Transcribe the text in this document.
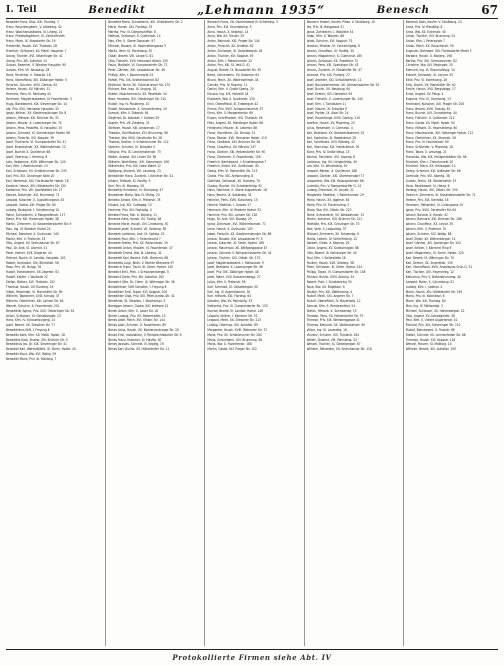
I. Teil	Benedikt	„Lehmann 1935“	Benesch	67
Benedikt Franz, Disp. XXI. Floridsg. 3
Franz, Rauchfangkehr., V. Arbeiterg. 42
Franz, Waschanstaltsbes. III. Linkeg. 14
Franz, Friedhofsgärtner, XI. Zentralfriedh.
Franz, Mech. IX. Nussdorfer Str. 19
Friederike, Haush. XVI. Thaliastr. 28
Friedrich, Schlosser, XII. Meidl. Hauptstr. 7
Georg, Tischler, XVI. Ottakringer Str. 41
Georg, Priv. XIII. Auhofstr. 12
Gustav, Beamter, V. Wiedner Hauptstr. 90
Gustav, Kfm. VII. Neubaug. 28
Hans, Techniker, II. Taborstr. 18
Hans, Oberoffizial, XIX. Döblinger Hptstr. 5
Heinrich, Schuhm. XVIII. Gentzg. 62
Helene, Haush. XV. Märzstr. 11
Hermine, Pens. III. Rennweg 44
Hermann, Magistratsbeamt. IV. Favoritenstr. 3
Hugo, Bankbeamt. XIX. Sieveringer Str. 14
Ida, Priv. XVII. Hernalser Hauptstr. 52
Ignaz, Kellner, XX. Klosterneuburger Str. 8
Johann, Hilfsarb. XXI. Brünner Str. 31
Johann, Maurer, X. Laxenburger Str. 74
Johann, Pens. Postoffiz. III. Hauptstr. 33
Johann, Schmied, XI. Simmeringer Hptstr. 96
Johann, Fleischh. XVI. Koppstr. 39
Josef, Tischlerm. VI. Gumpendorfer Str. 51
Josef, Eisenbahner, XX. Wallensteinstr. 12
Josef, Buchdr. X. Quellenstr. 66
Josef, Oberinsp. I. Herreng. 6
Julie, Hebamme, XVIII. Währinger Str. 120
Karl, Kfm. I. Rotenturmstr. 15
Karl, Schlosser, XII. Schönbrunner Str. 233
Karl, Priv. XIX. Grinzinger Allee 20
Karl, Werkmstr. XXI. Floridsdorfer Hptstr. 18
Karoline, Haush. XIV. Hütteldorfer Str. 150
Katharina, Priv. VIII. Josefstädter Str. 27
Konrad, Drechsler, XVI. Brunneng. 71
Leopold, Kutscher, II. Ausstellungsstr. 45
Leopold, Gastw. XXI. Prager Str. 60
Ludwig, Bankprok. I. Schottenring 10
Marie, Schneiderin, V. Margaretenstr. 117
Marie, Priv. XIII. Hietzinger Hptstr. 38
Martin, Zimmerm. XI. Kaiserebersdorfer Str. 9
Max, Ing. IV. Wiedner Gürtel 24
Michael, Bahnbed. X. Gudrunstr. 140
Moritz, Kfm. II. Praterstr. 33
Otto, Angest. XV. Sechshauser Str. 87
Paul, Dr. Arzt, IX. Alserstr. 41
Peter, Hafner, XVII. Jörgerstr. 44
Richard, Buchh. III. Landstr. Hauptstr. 101
Robert, Kontrollor, XIX. Billrothstr. 56
Rosa, Priv. VII. Burgg. 78
Rudolf, Elektrotechn. XX. Jägerstr. 61
Rudolf, Kaufm. I. Wollzeile 22
Stefan, Bäcker, XVI. Thaliastr. 102
Theresia, Haush. XII. Ruckerg. 19
Viktor, Reisender, VI. Mariahilfer Str. 89
Wilhelm, Tapezierer, XVIII. Kreuzg. 37
Wilhelm, Oberlehrer, XIII. Lainzer Str. 64
Wenzel, Schuhm. X. Favoritenstr. 201
Benedikter Agnes, Priv. XVII. Ottakringer Str. 92
Anton, Schlosser, XI. Geiselbergstr. 23
Hans, Kfm. IV. Schaumburgerg. 14
Josef, Beamt. XX. Dresdner Str. 77
Benediktiner-Stift, I. Freyung 6
Benedikt Alois, Kfm. XII. Meidl. Hptstr. 18
Benedikts Alois, Eisenb. XXI. Brünner Str. 3
Benediktus Jos. Dr. XIX. Sieveringer Str. 41
Benedikt Karl, Werkstättenl. XI. Simm. Hptstr. 40
Benedikt Klara, Ww. XVI. Wattg. 59
Benedikt Marie, Priv. XI. Molitorg. 7
Benedikt Maria, Schneiderin, XIII. Hütteldorfer Str. 2
Marie, Haush. XXI. Floridsg. 33
Martha, Priv. III. Dampfschiffstr. 8
Mathias, Schlosser, X. Quellenstr. 14
Max, Kfm. II. Obere Donaustr. 97
Michael, Bauarb. XI. Hasenleitengasse 3
Moritz, Vertr. IX. Porzellang. 52
Oskar, Beamt. VIII. Lange G. 61
Otto, Fleischh. XVII. Hernalser Hptstr. 150
Paula, Modistin, VI. Gumpendorfer Str. 72
Peter, Gärtner, XXI. Leopoldauer Str. 46
Philipp, Kfm. I. Bauernmarkt 24
Rafael, Priv. XIX. Krottenbachstr. 82
Reinhold, Techn. XII. Schönbrunner Str. 270
Richard, Bez.-Insp. III. Ungarg. 18
Robert, Maschinenschl. XX. Pasettistr. 44
Rosa, Hausbes. XVI. Ottakringer Str. 210
Rudolf, Ing. IV. Paulanerg. 10
Rudolf, Bahnbeamt. X. Sonnleithnerg. 29
Samuel, Kfm. II. Taborstr. 64
Siegfried, Dr. Advokat, I. Graben 29
Sophie, Priv. VII. Zieglerg. 31
Stefanie, Haush. XIII. Amalienstr. 17
Theodor, Schriftsetzer, XVI. Brunneng. 96
Therese, Ww. XVIII. Gersthofer Str. 28
Thomas, Kellner, V. Schönbrunner Str. 112
Valentin, Schuhm. XI. Enkplatz 4
Viktoria, Priv. IX. Liechtensteinstr. 73
Walter, Angest. XIV. Linzer Str. 38
Wilhelm, Werkführer, XXI. Siemensstr. 106
Wilhelmine, Priv. XIX. Hohe Warte 12
Wolfgang, Student, VIII. Laudong. 23
Benedikter Franz, Zuckerb. I. Kärntner Str. 41
Johann, Hilfsarb. XI. Hauffg. 9
Karl, Priv. III. Marxerg. 26
Benedikty Ernestine, VI. Stumperg. 47
Benedikter Maria, Ww. IV. Mühlg. 20
Benedix Arnold, Kfm. II. Praterstr. 78
Eduard, Ing. XIX. Cottageg. 15
Hermine, Priv. XIII. Fasholdg. 4
Benekel Franz, Mal. X. Keplerg. 11
Benecke Hans, Konstr. XII. Tivolig. 48
Benecke Marie, Haush. XVI. Lindauerg. 30
Benedek Josef, Schneid. VII. Seideng. 38
Benedek Ladislaus, Arzt, IX. Spitalg. 23
Benedek Paul, Kfm. I. Fleischmarkt 7
Benedek Stefan, Priv. XX. Rauscherstr. 19
Benedetti Anton, Musiker, IV. Favoritenstr. 47
Benedetti Emma, Ww. III. Löweng. 41
Benedetti Karl, Beamt. XVIII. Martinstr. 88
Benedetto Luigi, Bildh. V. Rechte Wienzeile 97
Benedicic Franz, Tischl. XI. Simm. Hptstr. 150
Benedict Emil, Prok. I. Schwarzenbergpl. 5
Benedict Grete, Priv. XIII. Auhofstr. 162
Benedict Otto, Dr. Chem. IX. Währinger Str. 38
Benediktiner, Stift Schotten, I. Freyung 6
Benedikter Emil, Tapez. XVI. Koppstr. 100
Benedikter Olga, Priv. XIX. Peter-Jordan-Str. 41
Benefiziat, St. Stephan, I. Stephanspl. 3
Benegger Johann, Gastw. XXI. Jedlesee 12
Beneh Anton, Kfm. X. Laaer Str. 18
Beneh Ludwig, Priv. XII. Niederhofstr. 14
Benes Adolf, Mech. XVI. Ottakr. Str. 144
Benes Alois, Schuhm. X. Favoritenstr. 89
Benes Anna, Haush. XX. Klosterneuburger Str. 20
Benes Emil, Installateur, V. Reinprechtsdorfer Str. 9
Benes Franz, Kutscher, XI. Hauffg. 40
Benes Jaroslav, Schneid. III. Kegelg. 19
Benes Karl, Buchb. XV. Hütteldorfer Str. 11
Benesch Franz, Sb. Gemeinderat IV. Schelleing. 3
Anna, Priv. XVI. Grundsteing. 9
Anna, Haush. X. Keplerpl. 14
Anna, Ww. XX. Treustr. 29
Anton, Bahnarb. XXI. Prager Str. 144
Anton, Fleischh. XII. Arndtstr. 62
Anton, Schlosser, XI. Geiselbergstr. 18
Anton, Tischler, XVI. Koppstr. 59
Anton, Kfm. I. Rotenturmstr. 22
Anton, Priv. XIII. St. Veit-G. 41
August, Beamt. IX. Nussdorfer Str. 30
Berta, Schneiderin, VII. Kaiserstr. 64
Bruno, Mech. XX. Wallensteinstr. 44
Camilla, Priv. IV. Rainerg. 11
Daniel, Kfm. II. Große Sperlg. 20
Eduard, Ing. XIX. Hofzeile 18
Elisabeth, Ww. X. Quellenstr. 130
Emil, Oberoffizial, III. Erdbergstr. 42
Emma, Priv. XVIII. Schopenhauerstr. 57
Ernst, Kfm. V. Margaretenstr. 69
Eugen, Schriftsetzer, XVI. Thaliastr. 46
Felix, Angest. XII. Meidlinger Hptstr. 66
Ferdinand, Maurer, XI. Leberstr. 88
Franz, Oberlehrer, XX. Denisg. 31
Franz, Bäcker, XVII. Hernalser Hptstr. 119
Franz, Straßenb. XXI. Brünner Str. 58
Franz, Chauffeur, XV. Märzstr. 147
Franz, Gärtner, XIII. Hetzendorfer Str. 90
Franz, Zimmerm. X. Favoritenstr. 156
Friedrich, Bankbeamt. I. Schottengasse 7
Friedrich, Elektr. XVI. Gallitzinstr. 40
Georg, Kfm. VI. Mariahilfer Str. 115
Gisela, Priv. XIX. Armbrusterg. 8
Gottfried, Schlosser, XII. Ruckerg. 70
Gustav, Buchdr. VII. Schottenfeldg. 92
Hans, Fabrikant, II. Obere Augartenstr. 18
Hans, Beamt. IX. Sobieskig. 34
Heinrich, Pens. XVIII. Kutscherg. 15
Helene, Modistin, I. Graben 17
Hermann, Kfm. IV. Wiedner Hptstr. 52
Hermine, Priv. XIII. Lainzer Str. 128
Hugo, Dr. Arzt, VIII. Skodag. 29
Ignaz, Drechsler, XVI. Wilhelminenstr. 71
Irene, Haush. X. Gudrunstr. 103
Jakob, Fleischh. XX. Klosterneuburger Str. 88
Johann, Bauarb. XXI. Leopoldauer Pl. 5
Johann, Kutscher, XI. Simm. Hptstr. 188
Johann, Maurerpol. XII. Wolfganggasse 33
Johann, Schneid. V. Reinprechtsdorfer Str. 44
Johann, Tischler, XVI. Ottakr. Str. 170
Josef, Magistratsbeamt. I. Rathausstr. 9
Josef, Bahnbed. X. Laxenburger Str. 96
Josef, Priv. XIX. Döblinger Hptstr. 48
Josef, Maler, XVII. Kalvarienbergg. 27
Julius, Kfm. II. Praterstr. 56
Karl, Schmied, XI. Geiselbergstr. 50
Karl, Ing. IV. Argentinierstr. 30
Karl, Hilfsarb. XXI. Floridsg. 64
Karoline, Ww. XV. Reindorfg. 33
Katharina, Priv. VI. Gumpendorfer Str. 133
Konrad, Beamt. III. Landstr. Hptstr. 146
Leopold, Kellner, I. Kärntner Str. 51
Leopold, Mech. XX. Dresdner Str. 113
Ludwig, Oberinsp. XIII. Auhofstr. 89
Margarete, Haush. XVIII. Weimarer Str. 72
Maria, Priv. XII. Schönbrunner Str. 280
Maria, Schneiderin, XVI. Brunneng. 48
Maria, Ww. X. Favoritenstr. 188
Martin, Gastw. XXI. Prager Str. 102
Benesch Hubert, Kaufm. Pläze. V. Straßburg. 10
Ida, Priv. IX. Berggasse 31
Ignaz, Zahntechn. I. Wollzeile 34
Isidor, Kfm. II. Taborstr. 88
Jakob, Schuhm. XVI. Koppstr. 75
Jaroslav, Musiker, III. Sechskrügelg. 8
Johann, Chauffeur, XI. Hauffg. 30
Johann, Magazineur, X. Gudrunstr. 160
Johann, Schlosser, XX. Pasettistr. 72
Johann, Pens. XIII. Speisinger Str. 43
Johann, Zuckerb. VI. Mariahilfer Str. 47
Johanna, Priv. XIX. Pyrkerg. 27
Josef, Arbeiter, XXI. Schloßhoferstr. 11
Josef, Bauunternehmer, XII. Altmannsdorfer Str. 52
Josef, Buchh. VII. Neubaug. 64
Josef, Dreher, XVI. Herbststr. 99
Josef, Fleischh. X. Laxenburger Str. 140
Josef, Kfm. I. Tuchlauben 11
Josef, Maurer, XI. Enkplatz 9
Josef, Portier, IX. Alser Str. 24
Josef, Rauchfangk. XVIII. Gentzg. 110
Josefine, Haush. XV. Pilgerimg. 23
Julius, Reisender, II. Czerninpl. 4
Karl, Bahnbed. XX. Nordwestbahnstr. 19
Karl, Kontrollor, III. Radetzkystr. 26
Karl, Schriftsetz. XVII. Rötzerg. 42
Karl, Ober-Insp. XIX. Hartäckerstr. 30
Klara, Priv. IV. Große Neug. 15
Konrad, Tischlerm. XVI. Yppeng. 8
Ladislaus, Ing. XII. Längenfeldg. 49
Leo, Kfm. VI. Windmühlg. 30
Leopold, Bäcker, X. Quellenstr. 188
Leopold, Gärtner, XXI. Stammersdorf 77
Leopoldine, Ww. XIII. Fasangartenstr. 66
Ludmilla, Priv. V. Ramperstorffer G. 14
Ludwig, Drechsler, XI. Lorystr. 21
Margarete, Modistin, I. Rotenturmstr. 29
Maria, Haush. XX. Jägerstr. 46
Maria, Priv. IX. Pulverturmg. 5
Maria, Ww. XVI. Ottakr. Str. 223
Marie, Schneiderin, VII. Westbahnstr. 13
Martin, Kutscher, XXI. Brünner Str. 121
Mathilde, Priv. XIX. Grinzinger Str. 70
Max, Vertr. II. Leopoldsg. 37
Michael, Zimmerm. XII. Schwenkg. 6
Moritz, Lederh. IV. Schleifmühlg. 22
Norbert, Elektr. X. Keplerg. 26
Oskar, Angest. XV. Goldschlagstr. 88
Otto, Beamt. III. Hainburger Str. 40
Paul, Kfm. I. Seilerstätte 16
Pauline, Haush. XVII. Geblerg. 58
Peter, Schlosser, XI. Simm. Hptstr. 244
Philipp, Tapez. VI. Gumpendorfer Str. 158
Richard, Buchb. XVIII. Antong. 34
Robert, Prok. I. Schottenring 30
Rosa, Ww. XX. Brigittapl. 9
Rosalie, Priv. XIII. Wattmanng. 4
Rudolf, Mech. XXI. Angerer Str. 7
Rudolf, Oberoffizial, IV. Mayerhofg. 12
Samuel, Kfm. II. Rembrandtstr. 24
Stefan, Hilfsarb. X. Sonnwendg. 15
Theodor, Pens. XII. Hetzendorfer Str. 70
Therese, Priv. XIX. Weinberggasse 41
Thomas, Bahnarb. XX. Wallensteinstr. 90
Viktor, Ing. IX. Lazarettg. 16
Vinzenz, Schuhm. XVI. Thaliastr. 164
Walter, Student, VIII. Piaristeng. 43
Wenzel, Tischler, XI. Geiselbergstr. 67
Wilhelm, Reisender, XV. Sechshauser Str. 118
Benesch Alois, Kaufm. V. Straßburg. 10
Anna, Priv. IV. Rienößlg. 8
Anna, Ww. XII. Eichenstr. 40
Anton, Tischler, XVI. Brunneng. 24
Anton, Kfm. I. Petersplatz 7
Anton, Mech. XX. Rauscherstr. 50
Augustin, Bahnbed. XXI. Floridsdorfer Markt 3
Barbara, Haush. X. Keplerg. 198
Bertha, Priv. XIX. Gymnasiumstr. 62
Christine, Ww. XIII. Maxingstr. 20
Edmund, Ing. III. Rasumofskyg. 14
Eduard, Schlosser, XI. Lorystr. 55
Elise, Priv. VI. Esterhazyg. 26
Emil, Buchh. VII. Mariahilfer Str. 62
Emilie, Haush. XVII. Bergsteigg. 17
Ernst, Angest. XV. Pelzg. 4
Eugenie, Priv. IX. Garnisong. 13
Ferdinand, Kutscher, XXI. Prager Str. 200
Franz, Beamt. XVIII. Staudg. 61
Franz, Buchdr. XVI. Grundsteing. 44
Franz, Fleischh. X. Quellenstr. 212
Franz, Gastw. XII. Meidl. Hptstr. 90
Franz, Hilfsarb. XI. Hasenleiteng. 60
Franz, Maurerpolier, XIII. Hietzinger Hptstr. 112
Franz, Oberlehrer, XX. Stromstr. 26
Franz, Priv. IV. Favoritenstr. 60
Franz, Schneider, V. Pilgramg. 18
Franz, Tapez. II. Lessingg. 21
Franziska, Ww. XIX. Heiligenstädter Str. 98
Friedrich, Kfm. I. Fleischmarkt 20
Friedrich, Mech. XX. Hellwagstr. 12
Georg, Schmied, XXI. Jedleseer Str. 66
Gertrude, Priv. VIII. Albertg. 38
Gustav, Techn. XII. Niederhofstr. 33
Hans, Bankbeamt. III. Hetzg. 6
Hedwig, Haush. XVI. Ottakr. Str. 250
Heinrich, Zimmerm. XI. Kaiserebersdorfer Str. 71
Helene, Priv. XIX. Kreindlg. 16
Hermann, Reisender, VI. Liniengasse 19
Ignaz, Priv. XVIII. Gersthofer Str. 64
Johann, Bauarb. X. Raxstr. 42
Johann, Bahnarb. XXI. Brünner Str. 188
Johann, Chauffeur, XX. Leystr. 55
Johann, Kfm. II. Praterstr. 70
Johann, Schuhm. XVI. Wattg. 88
Josef, Elektr. XII. Wienerbergstr. 14
Josef, Gärtner, XIII. Speisinger Str. 104
Josef, Kellner, I. Kärntner Ring 9
Josef, Magazineur, XI. Simm. Hptstr. 120
Karl, Beamt. IX. Währinger Str. 70
Karl, Dreher, XX. Engerthstr. 150
Karl, Oberoffizial, XVIII. Anastasius-Grün-G. 31
Karl, Tischler, XVI. Haymerleg. 12
Katharina, Priv. V. Siebenbrunneng. 40
Leopold, Maler, X. Columbusg. 52
Ludwig, Kfm. I. Judenpl. 4
Maria, Haush. XIV. Hütteldorfer Str. 199
Maria, Priv. III. Kolonitzpl. 6
Marie, Ww. XXI. Floridsg. 80
Max, Ing. IV. Möllwaldpl. 3
Michael, Schlosser, XII. Hohenbergstr. 22
Otto, Angest. XV. Schweglerstr. 36
Paul, Kfm. II. Untere Augartenstr. 41
Richard, Priv. XIX. Sieveringer Str. 110
Rudolf, Bahnbeamt. X. Troststr. 68
Stefan, Schneid. VII. Lerchenfelder Str. 88
Theresia, Haush. XVI. Koppstr. 118
Wenzel, Maurer, XI. Molitorg. 14
Wilhelm, Beamt. XIII. Auhofstr. 190
Protokollierte Firmen siehe Abt. IV
